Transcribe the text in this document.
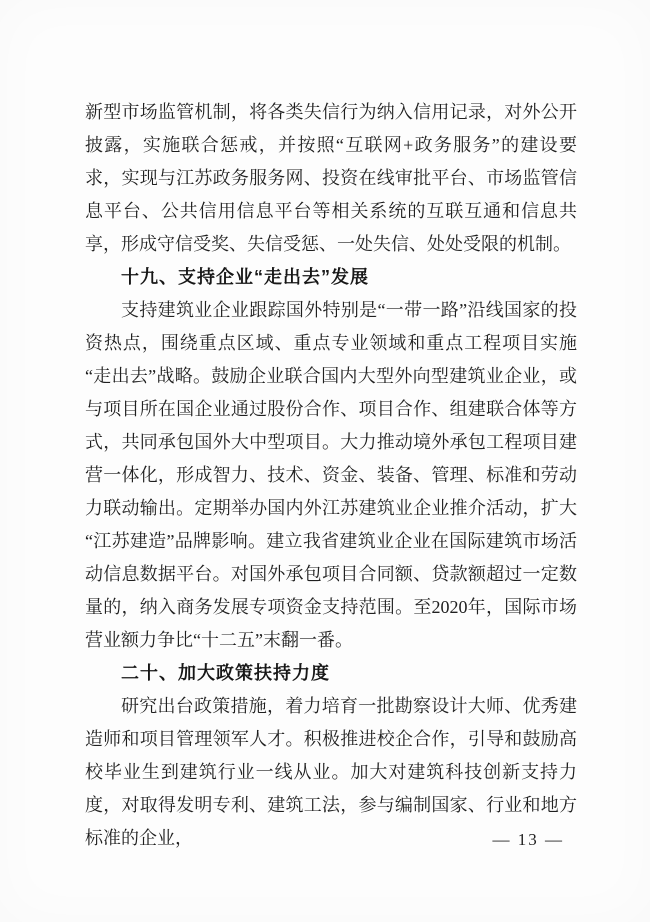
新型市场监管机制，将各类失信行为纳入信用记录，对外公开披露，实施联合惩戒，并按照“互联网+政务服务”的建设要求，实现与江苏政务服务网、投资在线审批平台、市场监管信息平台、公共信用信息平台等相关系统的互联互通和信息共享，形成守信受奖、失信受惩、一处失信、处处受限的机制。

十九、支持企业“走出去”发展

支持建筑业企业跟踪国外特别是“一带一路”沿线国家的投资热点，围绕重点区域、重点专业领域和重点工程项目实施“走出去”战略。鼓励企业联合国内大型外向型建筑业企业，或与项目所在国企业通过股份合作、项目合作、组建联合体等方式，共同承包国外大中型项目。大力推动境外承包工程项目建营一体化，形成智力、技术、资金、装备、管理、标准和劳动力联动输出。定期举办国内外江苏建筑业企业推介活动，扩大“江苏建造”品牌影响。建立我省建筑业企业在国际建筑市场活动信息数据平台。对国外承包项目合同额、贷款额超过一定数量的，纳入商务发展专项资金支持范围。至2020年，国际市场营业额力争比“十二五”末翻一番。

二十、加大政策扶持力度

研究出台政策措施，着力培育一批勘察设计大师、优秀建造师和项目管理领军人才。积极推进校企合作，引导和鼓励高校毕业生到建筑行业一线从业。加大对建筑科技创新支持力度，对取得发明专利、建筑工法，参与编制国家、行业和地方标准的企业，	— 13 —
